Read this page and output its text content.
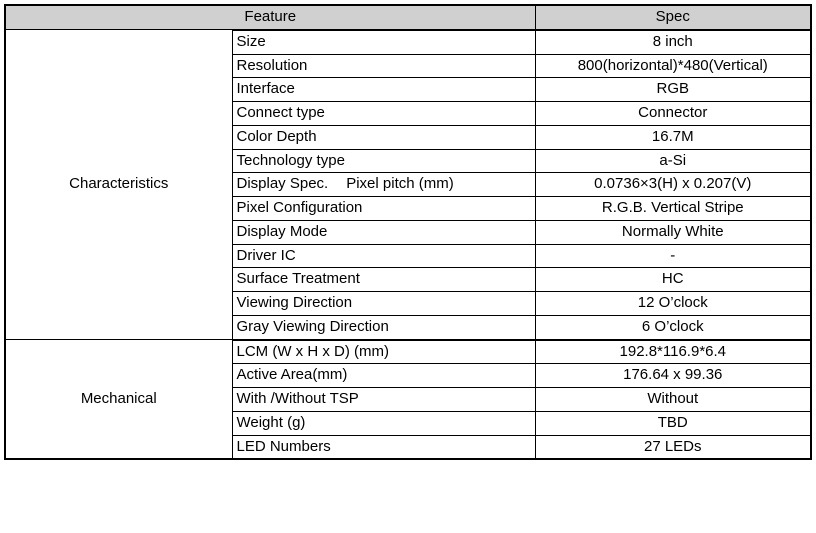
Feature		Spec
Characteristics	Size	8 inch
	Resolution	800(horizontal)*480(Vertical)
	Interface	RGB
	Connect type	Connector
	Color Depth	16.7M
	Technology type	a-Si
	Display Spec. Pixel pitch (mm)	0.0736×3(H) x 0.207(V)
	Pixel Configuration	R.G.B. Vertical Stripe
	Display Mode	Normally White
	Driver IC	-
	Surface Treatment	HC
	Viewing Direction	12 O’clock
	Gray Viewing Direction	6 O’clock
Mechanical	LCM (W x H x D) (mm)	192.8*116.9*6.4
	Active Area(mm)	176.64 x 99.36
	With /Without TSP	Without
	Weight (g)	TBD
	LED Numbers	27 LEDs
